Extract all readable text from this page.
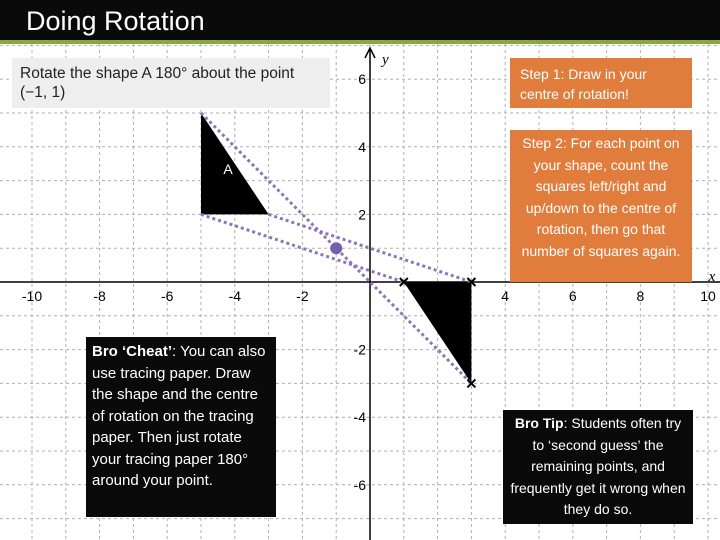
Doing Rotation
x
y
-10	-8	-6	-4	-2	4	6	8	10
6
4
2
-2
-4
-6
A
Rotate the shape A 180° about the point
(−1, 1)
Step 1: Draw in your centre of rotation!
Step 2: For each point on your shape, count the squares left/right and up/down to the centre of rotation, then go that number of squares again.
Bro ‘Cheat’: You can also use tracing paper. Draw the shape and the centre of rotation on the tracing paper. Then just rotate your tracing paper 180° around your point.
Bro Tip: Students often try to ‘second guess’ the remaining points, and frequently get it wrong when they do so.
